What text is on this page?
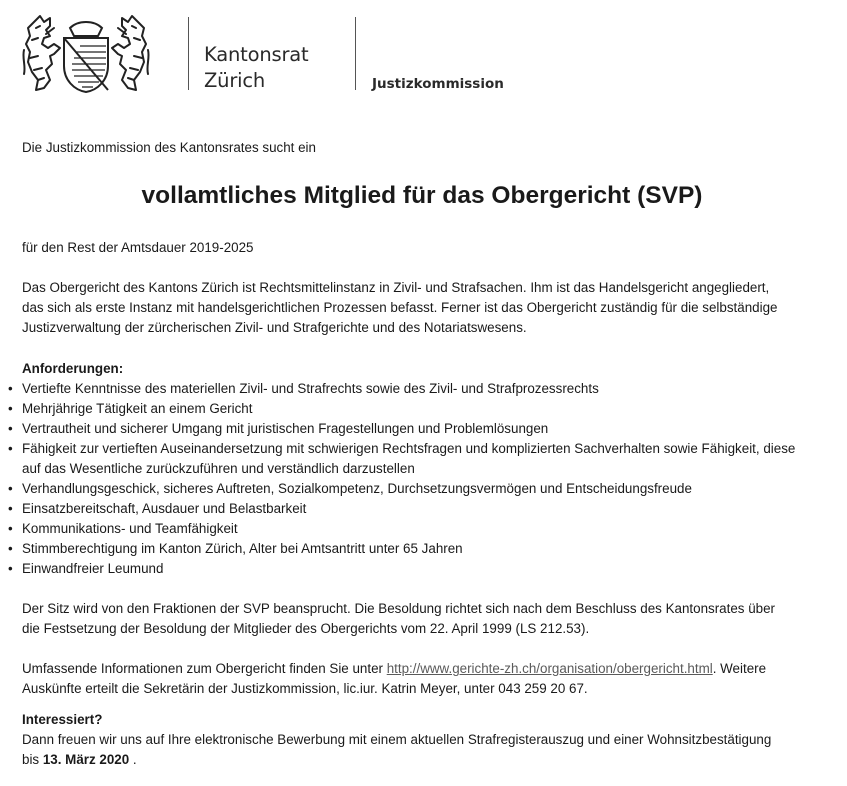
Kantonsrat
Zürich	Justizkommission
Die Justizkommission des Kantonsrates sucht ein
vollamtliches Mitglied für das Obergericht (SVP)
für den Rest der Amtsdauer 2019-2025
Das Obergericht des Kantons Zürich ist Rechtsmittelinstanz in Zivil- und Strafsachen. Ihm ist das Handelsgericht angegliedert,
das sich als erste Instanz mit handelsgerichtlichen Prozessen befasst. Ferner ist das Obergericht zuständig für die selbständige
Justizverwaltung der zürcherischen Zivil- und Strafgerichte und des Notariatswesens.
Anforderungen:
• Vertiefte Kenntnisse des materiellen Zivil- und Strafrechts sowie des Zivil- und Strafprozessrechts
• Mehrjährige Tätigkeit an einem Gericht
• Vertrautheit und sicherer Umgang mit juristischen Fragestellungen und Problemlösungen
• Fähigkeit zur vertieften Auseinandersetzung mit schwierigen Rechtsfragen und komplizierten Sachverhalten sowie Fähigkeit, diese auf das Wesentliche zurückzuführen und verständlich darzustellen
• Verhandlungsgeschick, sicheres Auftreten, Sozialkompetenz, Durchsetzungsvermögen und Entscheidungsfreude
• Einsatzbereitschaft, Ausdauer und Belastbarkeit
• Kommunikations- und Teamfähigkeit
• Stimmberechtigung im Kanton Zürich, Alter bei Amtsantritt unter 65 Jahren
• Einwandfreier Leumund
Der Sitz wird von den Fraktionen der SVP beansprucht. Die Besoldung richtet sich nach dem Beschluss des Kantonsrates über
die Festsetzung der Besoldung der Mitglieder des Obergerichts vom 22. April 1999 (LS 212.53).
Umfassende Informationen zum Obergericht finden Sie unter http://www.gerichte-zh.ch/organisation/obergericht.html. Weitere
Auskünfte erteilt die Sekretärin der Justizkommission, lic.iur. Katrin Meyer, unter 043 259 20 67.
Interessiert?
Dann freuen wir uns auf Ihre elektronische Bewerbung mit einem aktuellen Strafregisterauszug und einer Wohnsitzbestätigung
bis 13. März 2020 .
